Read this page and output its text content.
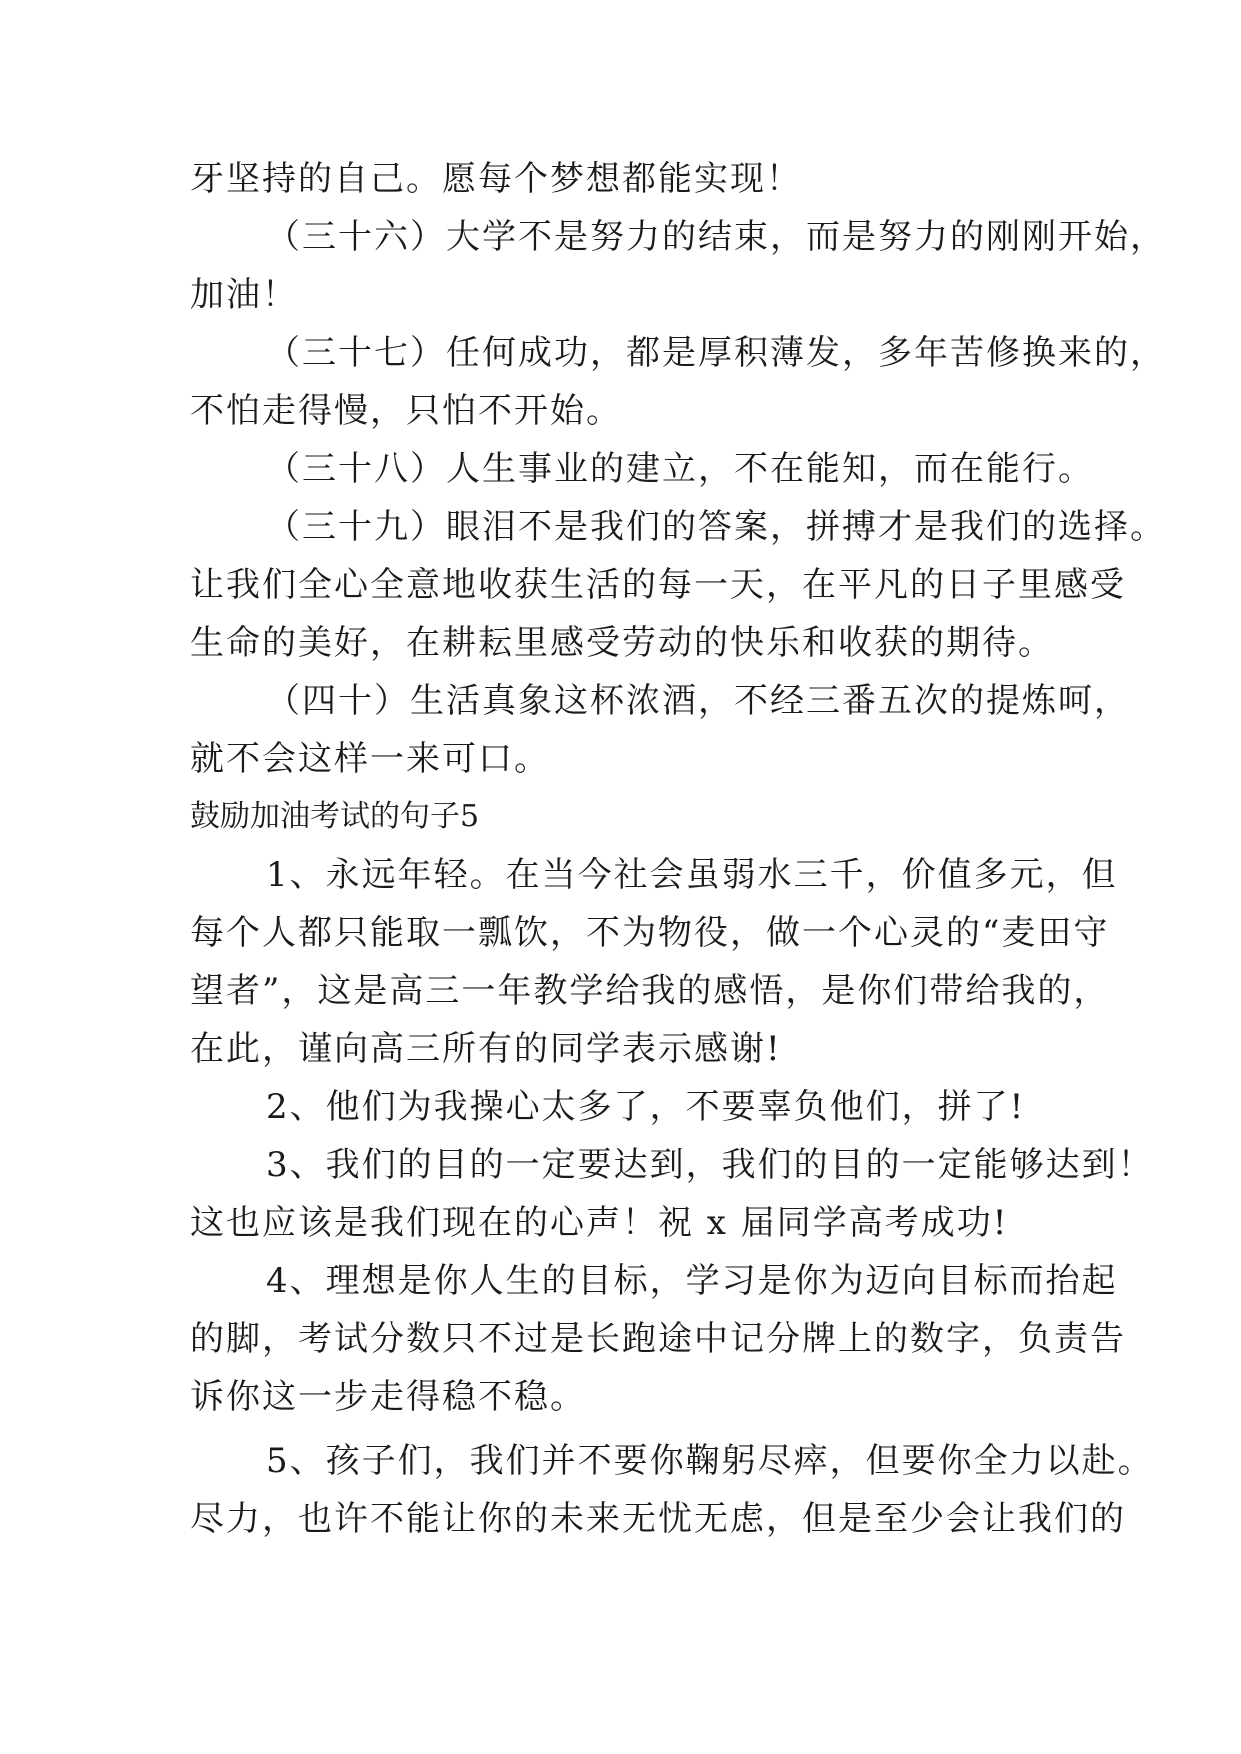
牙坚持的自己。愿每个梦想都能实现！
（三十六）大学不是努力的结束，而是努力的刚刚开始，
加油！
（三十七）任何成功，都是厚积薄发，多年苦修换来的，
不怕走得慢，只怕不开始。
（三十八）人生事业的建立，不在能知，而在能行。
（三十九）眼泪不是我们的答案，拼搏才是我们的选择。
让我们全心全意地收获生活的每一天，在平凡的日子里感受
生命的美好，在耕耘里感受劳动的快乐和收获的期待。
（四十）生活真象这杯浓酒，不经三番五次的提炼呵，
就不会这样一来可口。
鼓励加油考试的句子5
1、永远年轻。在当今社会虽弱水三千，价值多元，但
每个人都只能取一瓢饮，不为物役，做一个心灵的“麦田守
望者”，这是高三一年教学给我的感悟，是你们带给我的，
在此，谨向高三所有的同学表示感谢!
2、他们为我操心太多了，不要辜负他们，拼了!
3、我们的目的一定要达到，我们的目的一定能够达到！
这也应该是我们现在的心声！祝 x 届同学高考成功!
4、理想是你人生的目标，学习是你为迈向目标而抬起
的脚，考试分数只不过是长跑途中记分牌上的数字，负责告
诉你这一步走得稳不稳。
5、孩子们，我们并不要你鞠躬尽瘁，但要你全力以赴。
尽力，也许不能让你的未来无忧无虑，但是至少会让我们的
